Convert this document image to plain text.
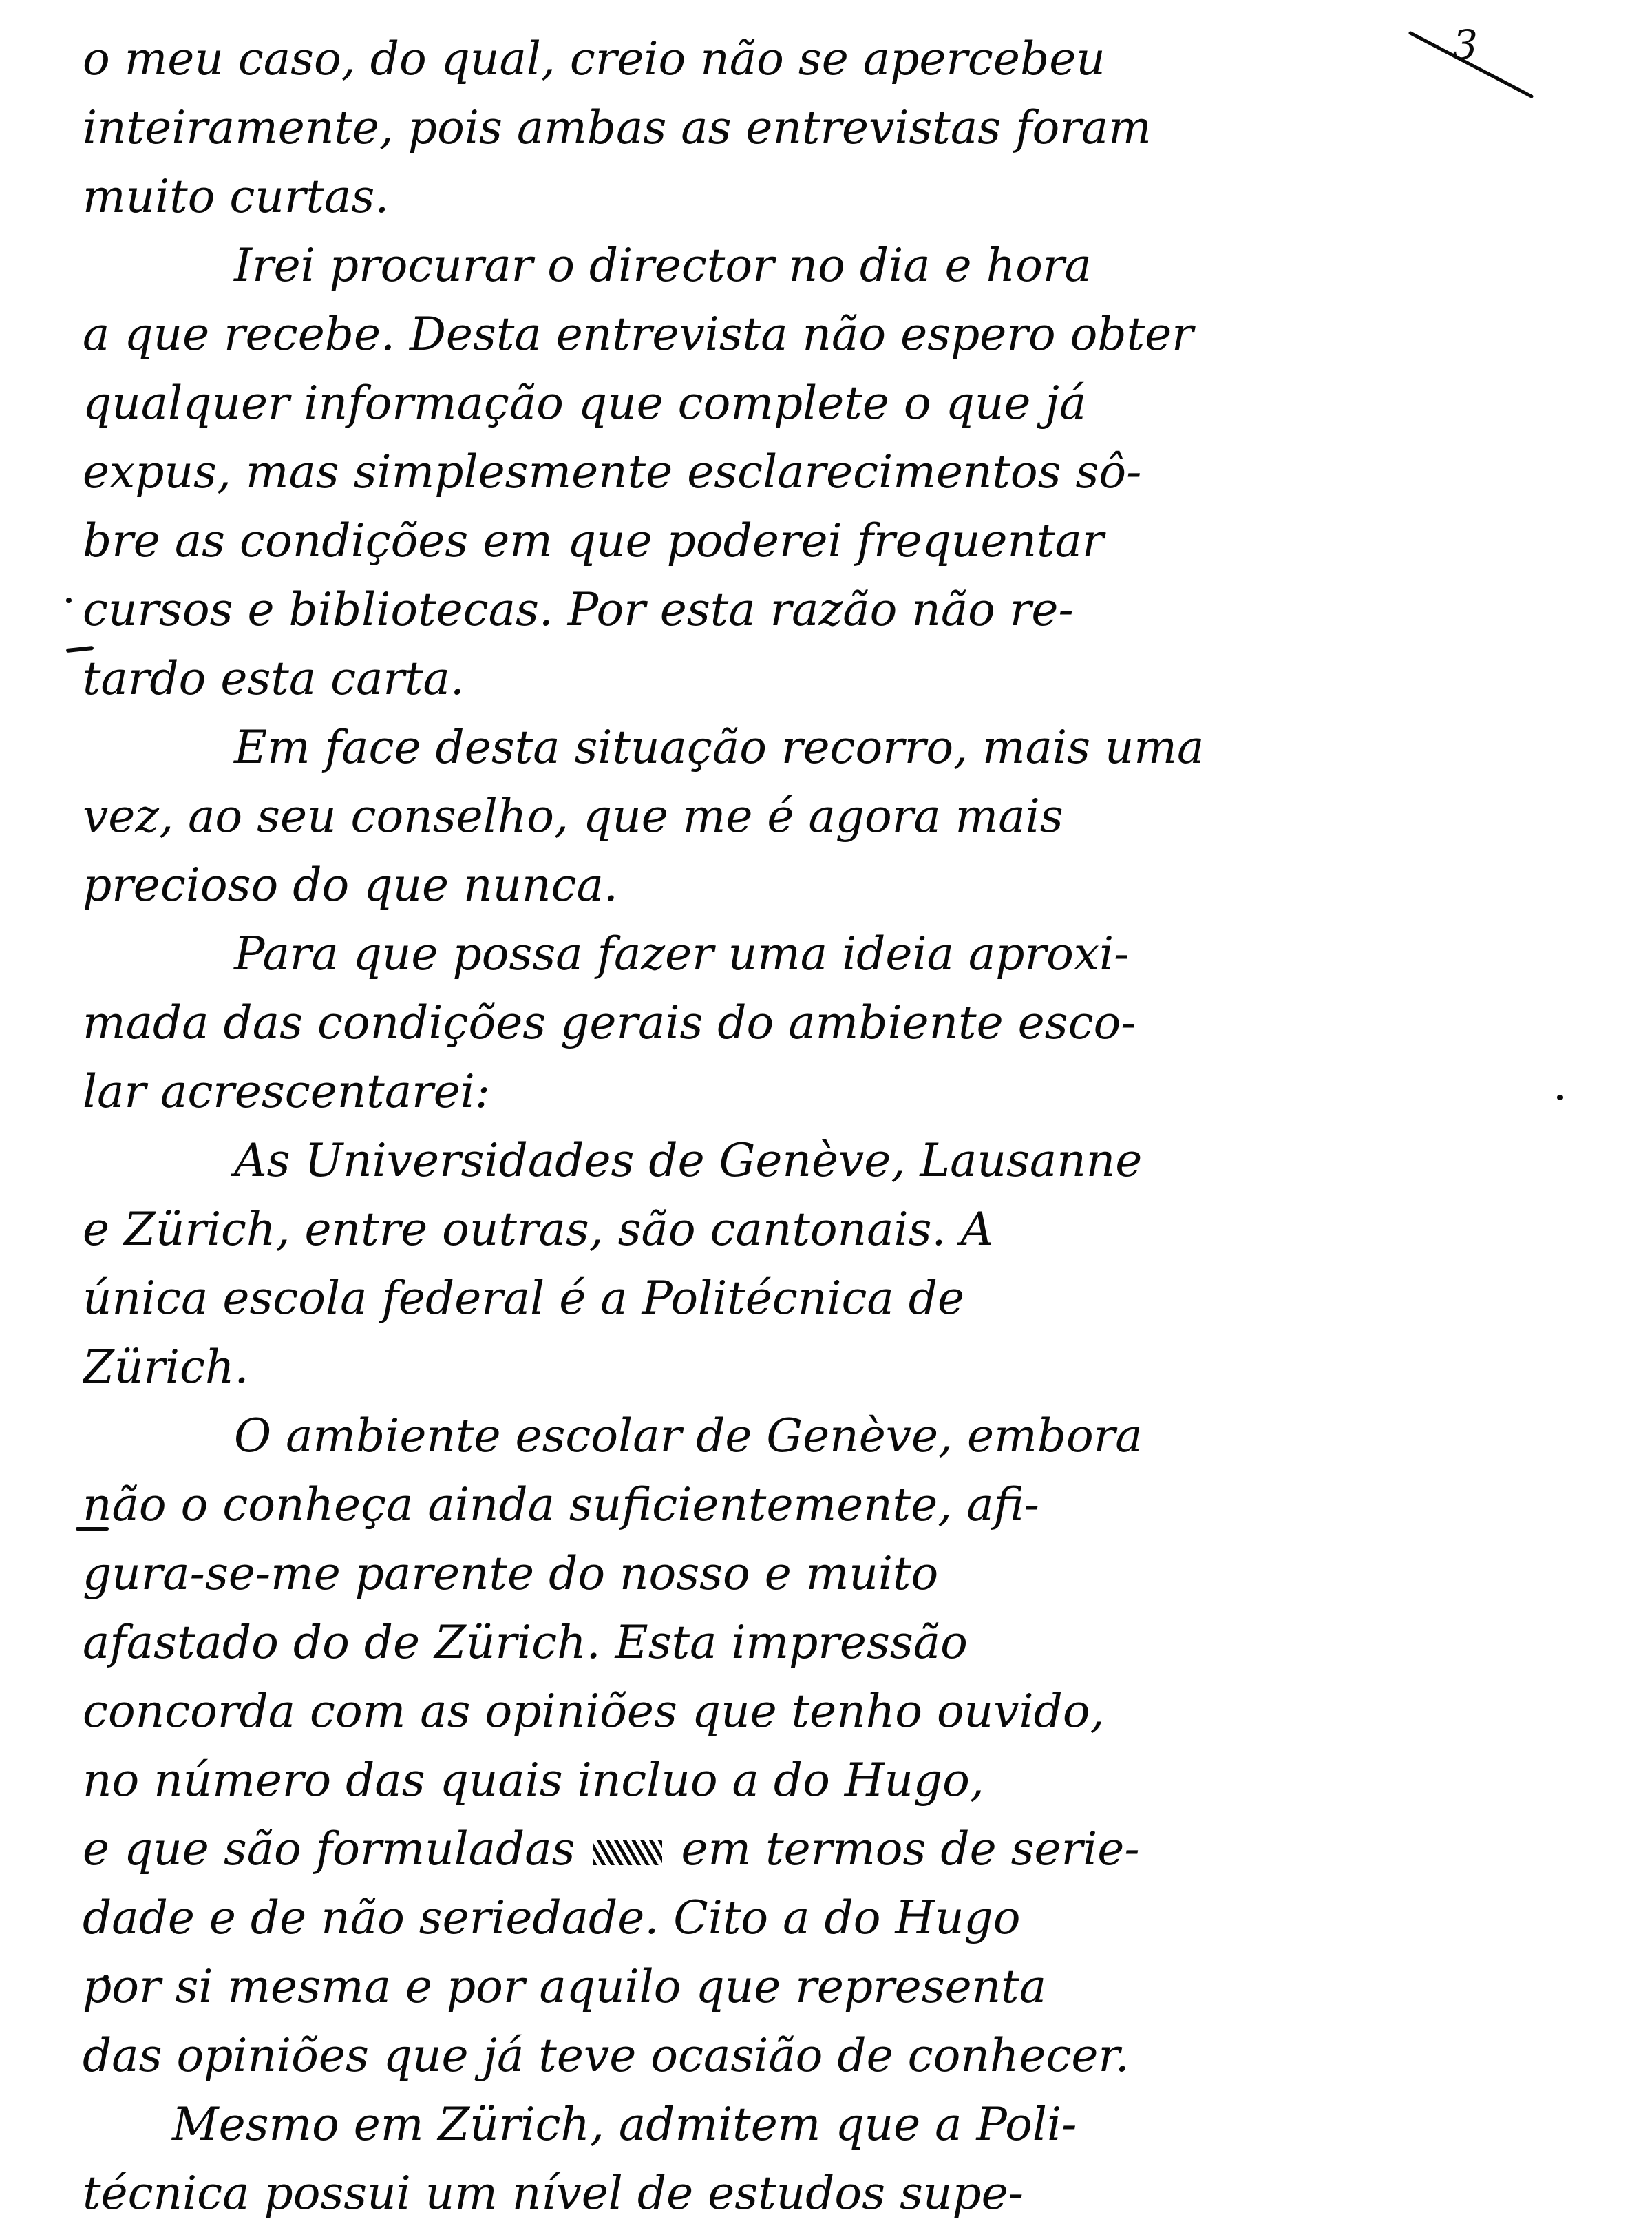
3
o meu caso, do qual, creio não se apercebeu
inteiramente, pois ambas as entrevistas foram
muito curtas.
Irei procurar o director no dia e hora
a que recebe. Desta entrevista não espero obter
qualquer informação que complete o que já
expus, mas simplesmente esclarecimentos sô-
bre as condições em que poderei frequentar
cursos e bibliotecas. Por esta razão não re-
tardo esta carta.
Em face desta situação recorro, mais uma
vez, ao seu conselho, que me é agora mais
precioso do que nunca.
Para que possa fazer uma ideia aproxi-
mada das condições gerais do ambiente esco-
lar acrescentarei:
As Universidades de Genève, Lausanne
e Zürich, entre outras, são cantonais. A
única escola federal é a Politécnica de
Zürich.
O ambiente escolar de Genève, embora
não o conheça ainda suficientemente, afi-
gura-se-me parente do nosso e muito
afastado do de Zürich. Esta impressão
concorda com as opiniões que tenho ouvido,
no número das quais incluo a do Hugo,
e que são formuladas em termos de serie-
dade e de não seriedade. Cito a do Hugo
por si mesma e por aquilo que representa
das opiniões que já teve ocasião de conhecer.
Mesmo em Zürich, admitem que a Poli-
técnica possui um nível de estudos supe-
